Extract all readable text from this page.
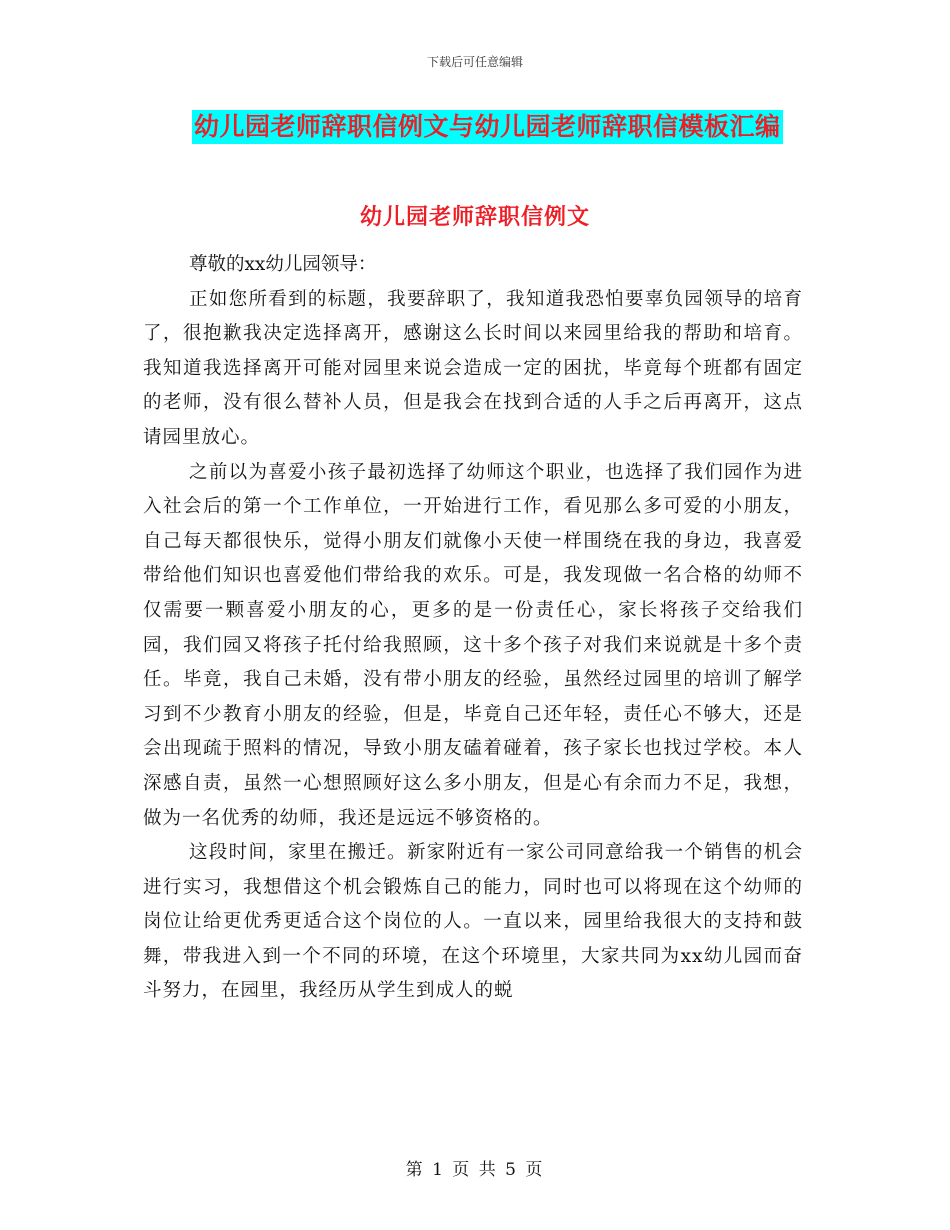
下载后可任意编辑
幼儿园老师辞职信例文与幼儿园老师辞职信模板汇编
幼儿园老师辞职信例文

尊敬的xx幼儿园领导：

正如您所看到的标题，我要辞职了，我知道我恐怕要辜负园领导的培育了，很抱歉我决定选择离开，感谢这么长时间以来园里给我的帮助和培育。我知道我选择离开可能对园里来说会造成一定的困扰，毕竟每个班都有固定的老师，没有很么替补人员，但是我会在找到合适的人手之后再离开，这点请园里放心。

之前以为喜爱小孩子最初选择了幼师这个职业，也选择了我们园作为进入社会后的第一个工作单位，一开始进行工作，看见那么多可爱的小朋友，自己每天都很快乐，觉得小朋友们就像小天使一样围绕在我的身边，我喜爱带给他们知识也喜爱他们带给我的欢乐。可是，我发现做一名合格的幼师不仅需要一颗喜爱小朋友的心，更多的是一份责任心，家长将孩子交给我们园，我们园又将孩子托付给我照顾，这十多个孩子对我们来说就是十多个责任。毕竟，我自己未婚，没有带小朋友的经验，虽然经过园里的培训了解学习到不少教育小朋友的经验，但是，毕竟自己还年轻，责任心不够大，还是会出现疏于照料的情况，导致小朋友磕着碰着，孩子家长也找过学校。本人深感自责，虽然一心想照顾好这么多小朋友，但是心有余而力不足，我想，做为一名优秀的幼师，我还是远远不够资格的。

这段时间，家里在搬迁。新家附近有一家公司同意给我一个销售的机会进行实习，我想借这个机会锻炼自己的能力，同时也可以将现在这个幼师的岗位让给更优秀更适合这个岗位的人。一直以来，园里给我很大的支持和鼓舞，带我进入到一个不同的环境，在这个环境里，大家共同为xx幼儿园而奋斗努力，在园里，我经历从学生到成人的蜕

第 1 页 共 5 页
